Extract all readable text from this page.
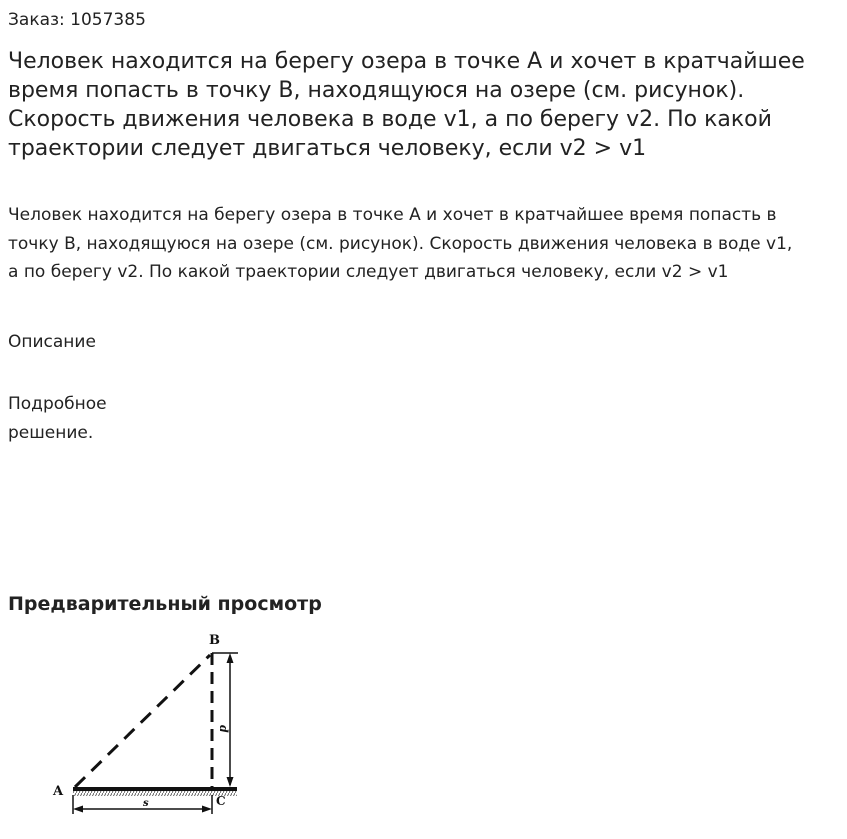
Заказ: 1057385
Человек находится на берегу озера в точке A и хочет в кратчайшее время попасть в точку B, находящуюся на озере (см. рисунок). Скорость движения человека в воде v1, а по берегу v2. По какой траектории следует двигаться человеку, если v2 > v1

Человек находится на берегу озера в точке A и хочет в кратчайшее время попасть в точку B, находящуюся на озере (см. рисунок). Скорость движения человека в воде v1, а по берегу v2. По какой траектории следует двигаться человеку, если v2 > v1

Описание

Подробное решение.

Предварительный просмотр
A
B
C
s
d
